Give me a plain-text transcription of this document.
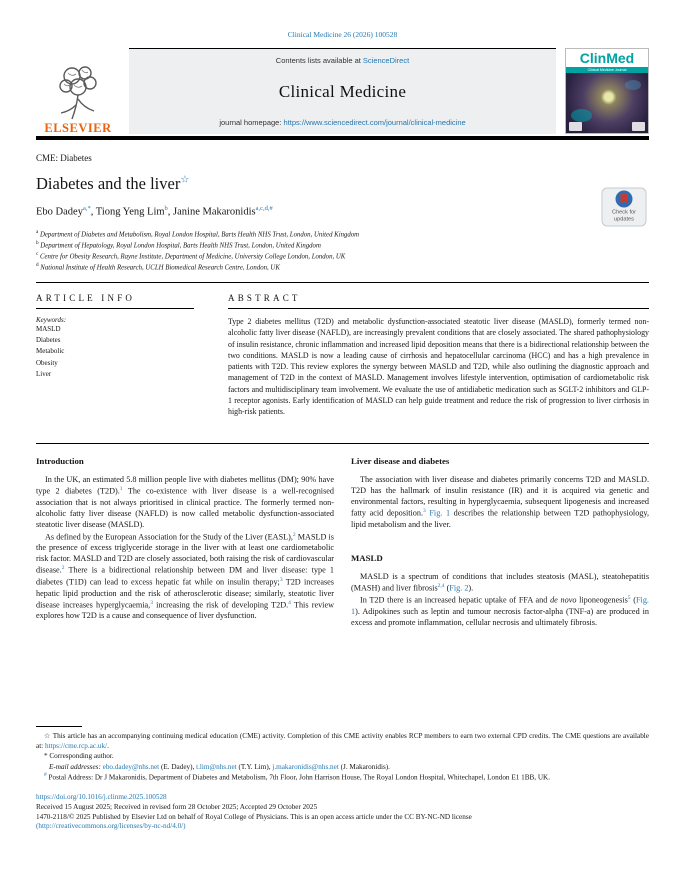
Clinical Medicine 26 (2026) 100528
ELSEVIER
Contents lists available at ScienceDirect
Clinical Medicine
journal homepage: https://www.sciencedirect.com/journal/clinical-medicine
ClinMed
Clinical Medicine Journal
CME: Diabetes
Diabetes and the liver☆
Ebo Dadey$^{a,*}$, Tiong Yeng Lim$^b$, Janine Makaronidis$^{a,c,d,\#}$
$^a$ Department of Diabetes and Metabolism, Royal London Hospital, Barts Health NHS Trust, London, United Kingdom
$^b$ Department of Hepatology, Royal London Hospital, Barts Health NHS Trust, London, United Kingdom
$^c$ Centre for Obesity Research, Rayne Institute, Department of Medicine, University College London, London, UK
$^d$ National Institute of Health Research, UCLH Biomedical Research Centre, London, UK
ARTICLE INFO
Keywords:
MASLD
Diabetes
Metabolic
Obesity
Liver
ABSTRACT
Type 2 diabetes mellitus (T2D) and metabolic dysfunction-associated steatotic liver disease (MASLD), formerly termed non-alcoholic fatty liver disease (NAFLD), are increasingly prevalent conditions that are closely associated. The shared pathophysiology of insulin resistance, chronic inflammation and increased lipid deposition means that there is a bidirectional relationship between the two conditions. MASLD is now a leading cause of cirrhosis and hepatocellular carcinoma (HCC) and has a high prevalence in patients with T2D. This review explores the synergy between MASLD and T2D, while also outlining the diagnostic approach and management of T2D in the context of MASLD. Management involves lifestyle intervention, optimisation of cardiometabolic risk factors and multidisciplinary team involvement. We evaluate the use of antidiabetic medication such as SGLT-2 inhibitors and GLP-1 receptor agonists. Early identification of MASLD can help guide treatment and reduce the risk of progression to liver cirrhosis in high-risk patients.
Introduction

In the UK, an estimated 5.8 million people live with diabetes mellitus (DM); 90% have type 2 diabetes (T2D).$^1$ The co-existence with liver disease is a well-recognised association that is not always prioritised in clinical practice. The formerly termed non-alcoholic fatty liver disease (NAFLD) is now called metabolic dysfunction-associated steatotic liver disease (MASLD).

As defined by the European Association for the Study of the Liver (EASL),$^2$ MASLD is the presence of excess triglyceride storage in the liver with at least one cardiometabolic risk factor. MASLD and T2D are closely associated, both raising the risk of cardiovascular disease.$^2$ There is a bidirectional relationship between DM and liver disease: type 1 diabetes (T1D) can lead to excess hepatic fat while on insulin therapy;$^3$ T2D increases hepatic lipid production and the risk of atherosclerotic disease; similarly, steatotic liver disease increases hyperglycaemia,$^3$ increasing the risk of developing T2D.$^4$ This review explores how T2D is a cause and consequence of liver dysfunction.

Liver disease and diabetes

The association with liver disease and diabetes primarily concerns T2D and MASLD. T2D has the hallmark of insulin resistance (IR) and it is acquired via genetic and environmental factors, resulting in hyperglycaemia, subsequent lipogenesis and increased fatty acid deposition.$^3$ Fig. 1 describes the relationship between T2D pathophysiology, lipid metabolism and the liver.

MASLD

MASLD is a spectrum of conditions that includes steatosis (MASL), steatohepatitis (MASH) and liver fibrosis$^{2,4}$ (Fig. 2).

In T2D there is an increased hepatic uptake of FFA and de novo liponeogenesis$^5$ (Fig. 1). Adipokines such as leptin and tumour necrosis factor-alpha (TNF-a) are produced in excess and promote inflammation, cellular necrosis and ultimately fibrosis.

Check for
updates
☆ This article has an accompanying continuing medical education (CME) activity. Completion of this CME activity enables RCP members to earn two external CPD credits. The CME questions are available at: https://cme.rcp.ac.uk/.
* Corresponding author.
E-mail addresses: ebo.dadey@nhs.net (E. Dadey), t.lim@nhs.net (T.Y. Lim), j.makaronidis@nhs.net (J. Makaronidis).
# Postal Address: Dr J Makaronidis, Department of Diabetes and Metabolism, 7th Floor, John Harrison House, The Royal London Hospital, Whitechapel, London E1 1BB, UK.
https://doi.org/10.1016/j.clinme.2025.100528
Received 15 August 2025; Received in revised form 28 October 2025; Accepted 29 October 2025
1470-2118/© 2025 Published by Elsevier Ltd on behalf of Royal College of Physicians. This is an open access article under the CC BY-NC-ND license
(http://creativecommons.org/licenses/by-nc-nd/4.0/)
